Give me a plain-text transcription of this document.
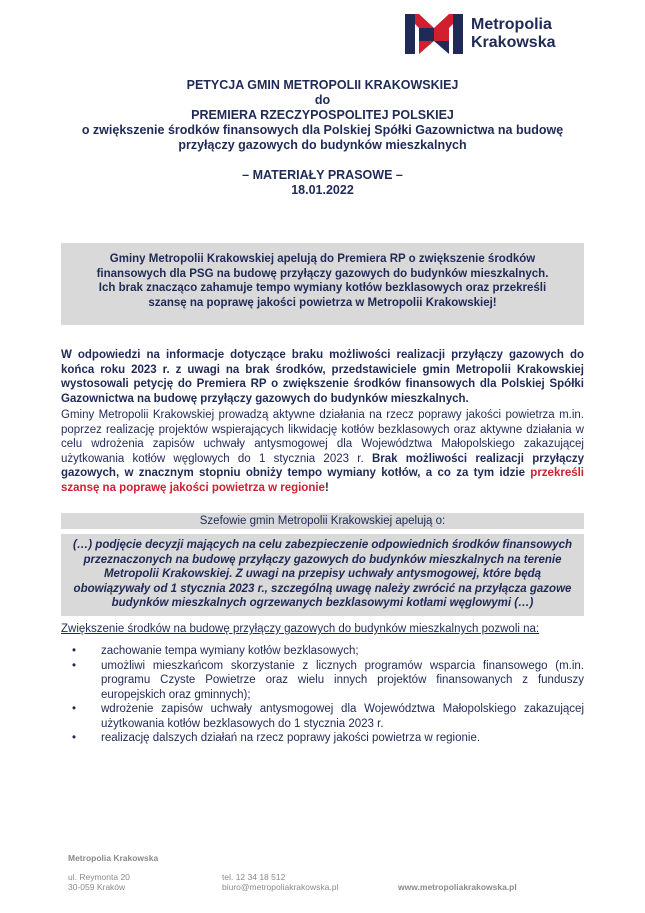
Metropolia
Krakowska
PETYCJA GMIN METROPOLII KRAKOWSKIEJ
do
PREMIERA RZECZYPOSPOLITEJ POLSKIEJ
o zwiększenie środków finansowych dla Polskiej Spółki Gazownictwa na budowę
przyłączy gazowych do budynków mieszkalnych
– MATERIAŁY PRASOWE –
18.01.2022
Gminy Metropolii Krakowskiej apelują do Premiera RP o zwiększenie środków
finansowych dla PSG na budowę przyłączy gazowych do budynków mieszkalnych.
Ich brak znacząco zahamuje tempo wymiany kotłów bezklasowych oraz przekreśli
szansę na poprawę jakości powietrza w Metropolii Krakowskiej!

W odpowiedzi na informacje dotyczące braku możliwości realizacji przyłączy gazowych do końca roku 2023 r. z uwagi na brak środków, przedstawiciele gmin Metropolii Krakowskiej wystosowali petycję do Premiera RP o zwiększenie środków finansowych dla Polskiej Spółki Gazownictwa na budowę przyłączy gazowych do budynków mieszkalnych.

Gminy Metropolii Krakowskiej prowadzą aktywne działania na rzecz poprawy jakości powietrza m.in. poprzez realizację projektów wspierających likwidację kotłów bezklasowych oraz aktywne działania w celu wdrożenia zapisów uchwały antysmogowej dla Województwa Małopolskiego zakazującej użytkowania kotłów węglowych do 1 stycznia 2023 r. Brak możliwości realizacji przyłączy gazowych, w znacznym stopniu obniży tempo wymiany kotłów, a co za tym idzie przekreśli szansę na poprawę jakości powietrza w regionie!

Szefowie gmin Metropolii Krakowskiej apelują o:
(…) podjęcie decyzji mających na celu zabezpieczenie odpowiednich środków finansowych
przeznaczonych na budowę przyłączy gazowych do budynków mieszkalnych na terenie
Metropolii Krakowskiej. Z uwagi na przepisy uchwały antysmogowej, które będą
obowiązywały od 1 stycznia 2023 r., szczególną uwagę należy zwrócić na przyłącza gazowe
budynków mieszkalnych ogrzewanych bezklasowymi kotłami węglowymi (…)
Zwiększenie środków na budowę przyłączy gazowych do budynków mieszkalnych pozwoli na:
• zachowanie tempa wymiany kotłów bezklasowych;
• umożliwi mieszkańcom skorzystanie z licznych programów wsparcia finansowego (m.in. programu Czyste Powietrze oraz wielu innych projektów finansowanych z funduszy europejskich oraz gminnych);
• wdrożenie zapisów uchwały antysmogowej dla Województwa Małopolskiego zakazującej użytkowania kotłów bezklasowych do 1 stycznia 2023 r.
• realizację dalszych działań na rzecz poprawy jakości powietrza w regionie.
Metropolia Krakowska
ul. Reymonta 20
30-059 Kraków
tel. 12 34 18 512
biuro@metropoliakrakowska.pl	www.metropoliakrakowska.pl
